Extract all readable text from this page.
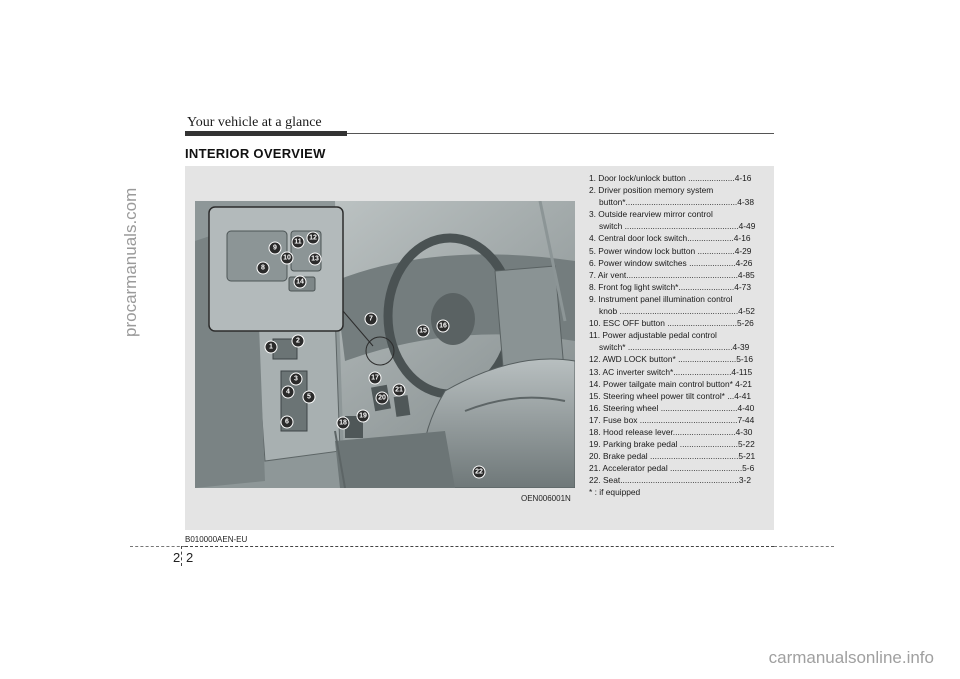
procarmanuals.com
carmanualsonline.info
Your vehicle at a glance
INTERIOR OVERVIEW
1
2
3
4
5
6
7
8
9
10
11
12
13
14
15
16
17
18
19
20
21
22
OEN006001N
1. Door lock/unlock button ....................4-16
2. Driver position memory system
button*................................................4-38
3. Outside rearview mirror control
switch .................................................4-49
4. Central door lock switch....................4-16
5. Power window lock button ................4-29
6. Power window switches ....................4-26
7. Air vent................................................4-85
8. Front fog light switch*........................4-73
9. Instrument panel illumination control
knob ...................................................4-52
10. ESC OFF button ..............................5-26
11. Power adjustable pedal control
switch* .............................................4-39
12. AWD LOCK button* .........................5-16
13. AC inverter switch*.........................4-115
14. Power tailgate main control button* 4-21
15. Steering wheel power tilt control* ...4-41
16. Steering wheel .................................4-40
17. Fuse box ..........................................7-44
18. Hood release lever...........................4-30
19. Parking brake pedal .........................5-22
20. Brake pedal ......................................5-21
21. Accelerator pedal ...............................5-6
22. Seat...................................................3-2
* : if equipped
B010000AEN-EU
2 2
